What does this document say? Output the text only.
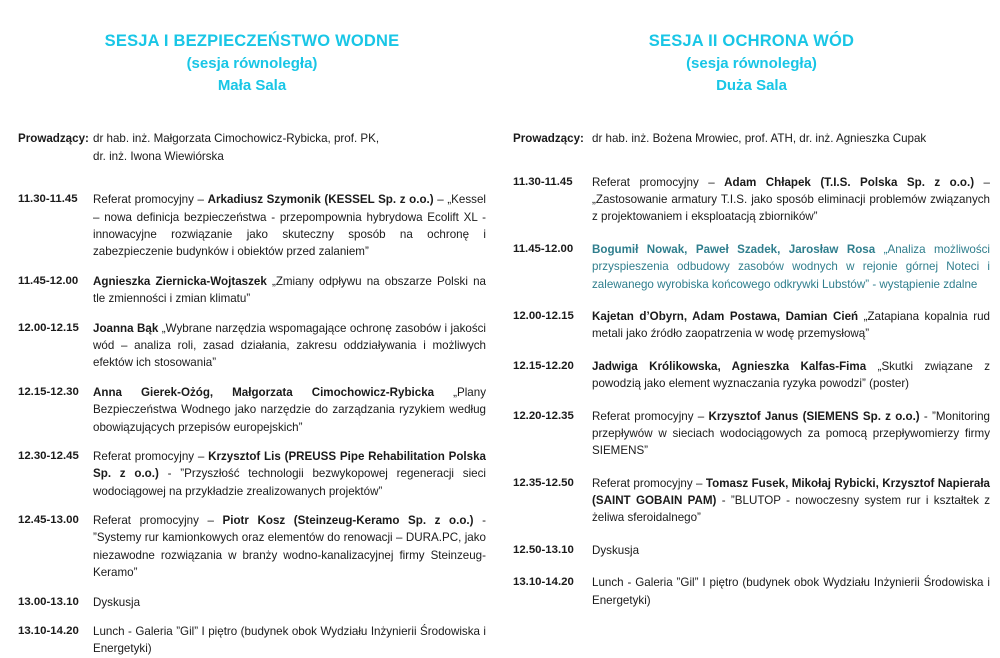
SESJA I BEZPIECZEŃSTWO WODNE
(sesja równoległa)
Mała Sala
Prowadzący: dr hab. inż. Małgorzata Cimochowicz-Rybicka, prof. PK,
dr. inż. Iwona Wiewiórska
11.30-11.45	Referat promocyjny – Arkadiusz Szymonik (KESSEL Sp. z o.o.) – „Kessel – nowa definicja bezpieczeństwa - przepompownia hybrydowa Ecolift XL - innowacyjne rozwiązanie jako skuteczny sposób na ochronę i zabezpieczenie budynków i obiektów przed zalaniem”
11.45-12.00	Agnieszka Ziernicka-Wojtaszek „Zmiany odpływu na obszarze Polski na tle zmienności i zmian klimatu”
12.00-12.15	Joanna Bąk „Wybrane narzędzia wspomagające ochronę zasobów i jakości wód – analiza roli, zasad działania, zakresu oddziaływania i możliwych efektów ich stosowania”
12.15-12.30	Anna Gierek-Ożóg, Małgorzata Cimochowicz-Rybicka „Plany Bezpieczeństwa Wodnego jako narzędzie do zarządzania ryzykiem według obowiązujących przepisów europejskich”
12.30-12.45	Referat promocyjny – Krzysztof Lis (PREUSS Pipe Rehabilitation Polska Sp. z o.o.) - ”Przyszłość technologii bezwykopowej regeneracji sieci wodociągowej na przykładzie zrealizowanych projektów”
12.45-13.00	Referat promocyjny – Piotr Kosz (Steinzeug-Keramo Sp. z o.o.) - ”Systemy rur kamionkowych oraz elementów do renowacji – DURA.PC, jako niezawodne rozwiązania w branży wodno-kanalizacyjnej firmy Steinzeug-Keramo”
13.00-13.10	Dyskusja
13.10-14.20	Lunch - Galeria ”Gil” I piętro (budynek obok Wydziału Inżynierii Środowiska i Energetyki)
SESJA II OCHRONA WÓD
(sesja równoległa)
Duża Sala
Prowadzący: dr hab. inż. Bożena Mrowiec, prof. ATH, dr. inż. Agnieszka Cupak
11.30-11.45	Referat promocyjny – Adam Chłapek (T.I.S. Polska Sp. z o.o.) – „Zastosowanie armatury T.I.S. jako sposób eliminacji problemów związanych z projektowaniem i eksploatacją zbiorników”
11.45-12.00	Bogumił Nowak, Paweł Szadek, Jarosław Rosa „Analiza możliwości przyspieszenia odbudowy zasobów wodnych w rejonie górnej Noteci i zalewanego wyrobiska końcowego odkrywki Lubstów” - wystąpienie zdalne
12.00-12.15	Kajetan d’Obyrn, Adam Postawa, Damian Cień „Zatapiana kopalnia rud metali jako źródło zaopatrzenia w wodę przemysłową”
12.15-12.20	Jadwiga Królikowska, Agnieszka Kalfas-Fima „Skutki związane z powodzią jako element wyznaczania ryzyka powodzi” (poster)
12.20-12.35	Referat promocyjny – Krzysztof Janus (SIEMENS Sp. z o.o.) - ”Monitoring przepływów w sieciach wodociągowych za pomocą przepływomierzy firmy SIEMENS”
12.35-12.50	Referat promocyjny – Tomasz Fusek, Mikołaj Rybicki, Krzysztof Napierała (SAINT GOBAIN PAM) - ”BLUTOP - nowoczesny system rur i kształtek z żeliwa sferoidalnego”
12.50-13.10	Dyskusja
13.10-14.20	Lunch - Galeria ”Gil” I piętro (budynek obok Wydziału Inżynierii Środowiska i Energetyki)
